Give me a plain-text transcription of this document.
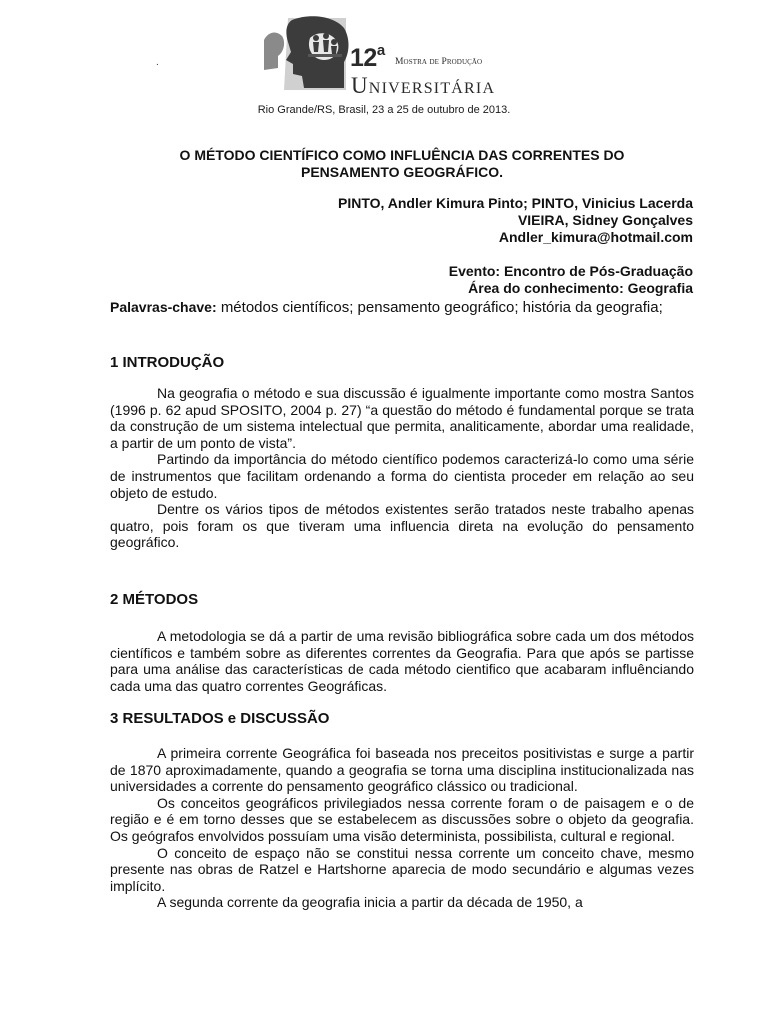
12$^a$
Mostra de Produção
Universitária
.
Rio Grande/RS, Brasil, 23 a 25 de outubro de 2013.
O MÉTODO CIENTÍFICO COMO INFLUÊNCIA DAS CORRENTES DO
PENSAMENTO GEOGRÁFICO.
PINTO, Andler Kimura Pinto; PINTO, Vinicius Lacerda
VIEIRA, Sidney Gonçalves
Andler_kimura@hotmail.com
Evento: Encontro de Pós-Graduação
Área do conhecimento: Geografia
Palavras-chave: métodos científicos; pensamento geográfico; história da geografia;
1 INTRODUÇÃO

Na geografia o método e sua discussão é igualmente importante como mostra Santos (1996 p. 62 apud SPOSITO, 2004 p. 27) “a questão do método é fundamental porque se trata da construção de um sistema intelectual que permita, analiticamente, abordar uma realidade, a partir de um ponto de vista”.

Partindo da importância do método científico podemos caracterizá-lo como uma série de instrumentos que facilitam ordenando a forma do cientista proceder em relação ao seu objeto de estudo.

Dentre os vários tipos de métodos existentes serão tratados neste trabalho apenas quatro, pois foram os que tiveram uma influencia direta na evolução do pensamento geográfico.

2 MÉTODOS

A metodologia se dá a partir de uma revisão bibliográfica sobre cada um dos métodos científicos e também sobre as diferentes correntes da Geografia. Para que após se partisse para uma análise das características de cada método cientifico que acabaram influênciando cada uma das quatro correntes Geográficas.

3 RESULTADOS e DISCUSSÃO

A primeira corrente Geográfica foi baseada nos preceitos positivistas e surge a partir de 1870 aproximadamente, quando a geografia se torna uma disciplina institucionalizada nas universidades a corrente do pensamento geográfico clássico ou tradicional.

Os conceitos geográficos privilegiados nessa corrente foram o de paisagem e o de região e é em torno desses que se estabelecem as discussões sobre o objeto da geografia. Os geógrafos envolvidos possuíam uma visão determinista, possibilista, cultural e regional.

O conceito de espaço não se constitui nessa corrente um conceito chave, mesmo presente nas obras de Ratzel e Hartshorne aparecia de modo secundário e algumas vezes implícito.

A segunda corrente da geografia inicia a partir da década de 1950, a
